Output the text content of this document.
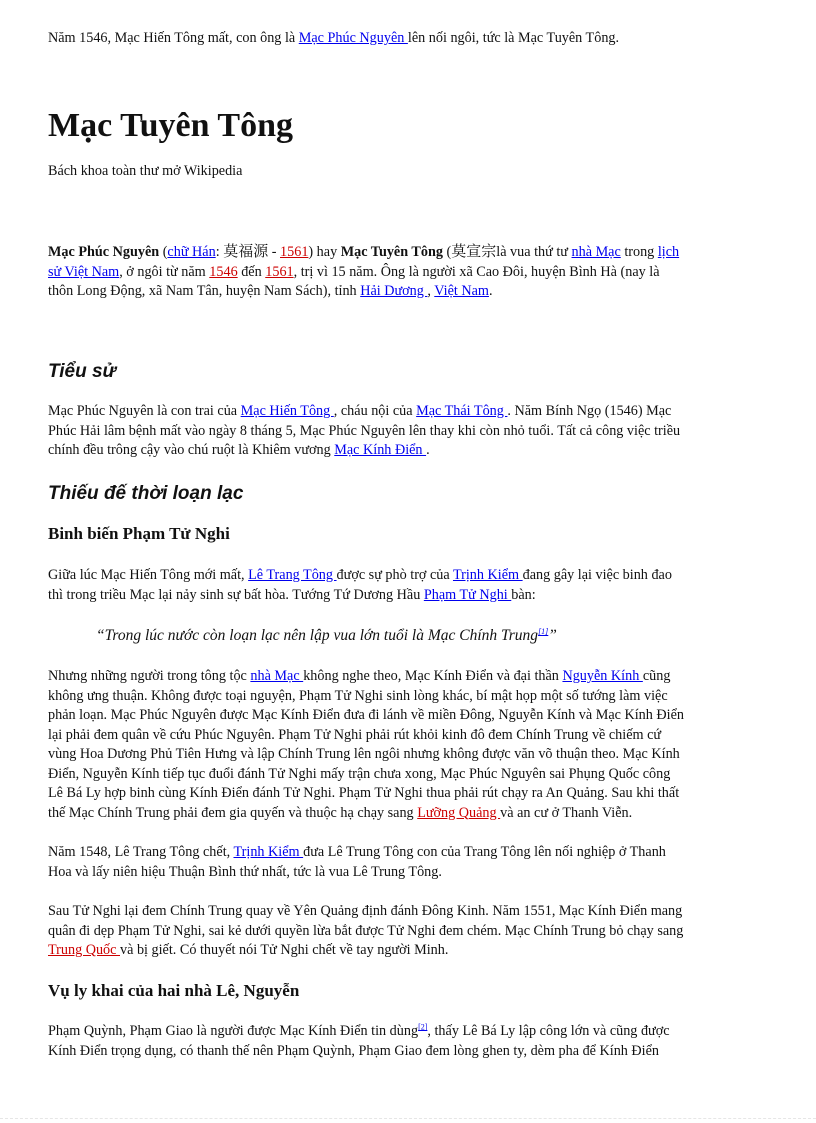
Năm 1546, Mạc Hiến Tông mất, con ông là Mạc Phúc Nguyên lên nối ngôi, tức là Mạc Tuyên Tông.

Mạc Tuyên Tông

Bách khoa toàn thư mở Wikipedia

Mạc Phúc Nguyên (chữ Hán: 莫福源 - 1561) hay Mạc Tuyên Tông (莫宣宗là vua thứ tư nhà Mạc trong lịch
sử Việt Nam, ở ngôi từ năm 1546 đến 1561, trị vì 15 năm. Ông là người xã Cao Đôi, huyện Bình Hà (nay là
thôn Long Động, xã Nam Tân, huyện Nam Sách), tỉnh Hải Dương , Việt Nam.

Tiểu sử

Mạc Phúc Nguyên là con trai của Mạc Hiến Tông , cháu nội của Mạc Thái Tông . Năm Bính Ngọ (1546) Mạc
Phúc Hải lâm bệnh mất vào ngày 8 tháng 5, Mạc Phúc Nguyên lên thay khi còn nhỏ tuổi. Tất cả công việc triều
chính đều trông cậy vào chú ruột là Khiêm vương Mạc Kính Điển .

Thiếu đế thời loạn lạc
Binh biến Phạm Tử Nghi

Giữa lúc Mạc Hiến Tông mới mất, Lê Trang Tông được sự phò trợ của Trịnh Kiểm đang gây lại việc binh đao
thì trong triều Mạc lại nảy sinh sự bất hòa. Tướng Tứ Dương Hầu Phạm Tử Nghi bàn:

“Trong lúc nước còn loạn lạc nên lập vua lớn tuổi là Mạc Chính Trung[1]”

Nhưng những người trong tông tộc nhà Mạc không nghe theo, Mạc Kính Điển và đại thần Nguyễn Kính cũng
không ưng thuận. Không được toại nguyện, Phạm Tử Nghi sinh lòng khác, bí mật họp một số tướng làm việc
phản loạn. Mạc Phúc Nguyên được Mạc Kính Điển đưa đi lánh về miền Đông, Nguyễn Kính và Mạc Kính Điển
lại phải đem quân về cứu Phúc Nguyên. Phạm Tử Nghi phải rút khỏi kinh đô đem Chính Trung về chiếm cứ
vùng Hoa Dương Phủ Tiên Hưng và lập Chính Trung lên ngôi nhưng không được văn võ thuận theo. Mạc Kính
Điển, Nguyễn Kính tiếp tục đuổi đánh Tử Nghi mấy trận chưa xong, Mạc Phúc Nguyên sai Phụng Quốc công
Lê Bá Ly hợp binh cùng Kính Điển đánh Tử Nghi. Phạm Tử Nghi thua phải rút chạy ra An Quảng. Sau khi thất
thế Mạc Chính Trung phải đem gia quyến và thuộc hạ chạy sang Lưỡng Quảng và an cư ở Thanh Viễn.

Năm 1548, Lê Trang Tông chết, Trịnh Kiểm đưa Lê Trung Tông con của Trang Tông lên nối nghiệp ở Thanh
Hoa và lấy niên hiệu Thuận Bình thứ nhất, tức là vua Lê Trung Tông.

Sau Tử Nghi lại đem Chính Trung quay về Yên Quảng định đánh Đông Kinh. Năm 1551, Mạc Kính Điển mang
quân đi dẹp Phạm Tử Nghi, sai kẻ dưới quyền lừa bắt được Tử Nghi đem chém. Mạc Chính Trung bỏ chạy sang
Trung Quốc và bị giết. Có thuyết nói Tử Nghi chết về tay người Minh.

Vụ ly khai của hai nhà Lê, Nguyễn

Phạm Quỳnh, Phạm Giao là người được Mạc Kính Điển tin dùng[2], thấy Lê Bá Ly lập công lớn và cũng được
Kính Điển trọng dụng, có thanh thế nên Phạm Quỳnh, Phạm Giao đem lòng ghen ty, dèm pha để Kính Điển
